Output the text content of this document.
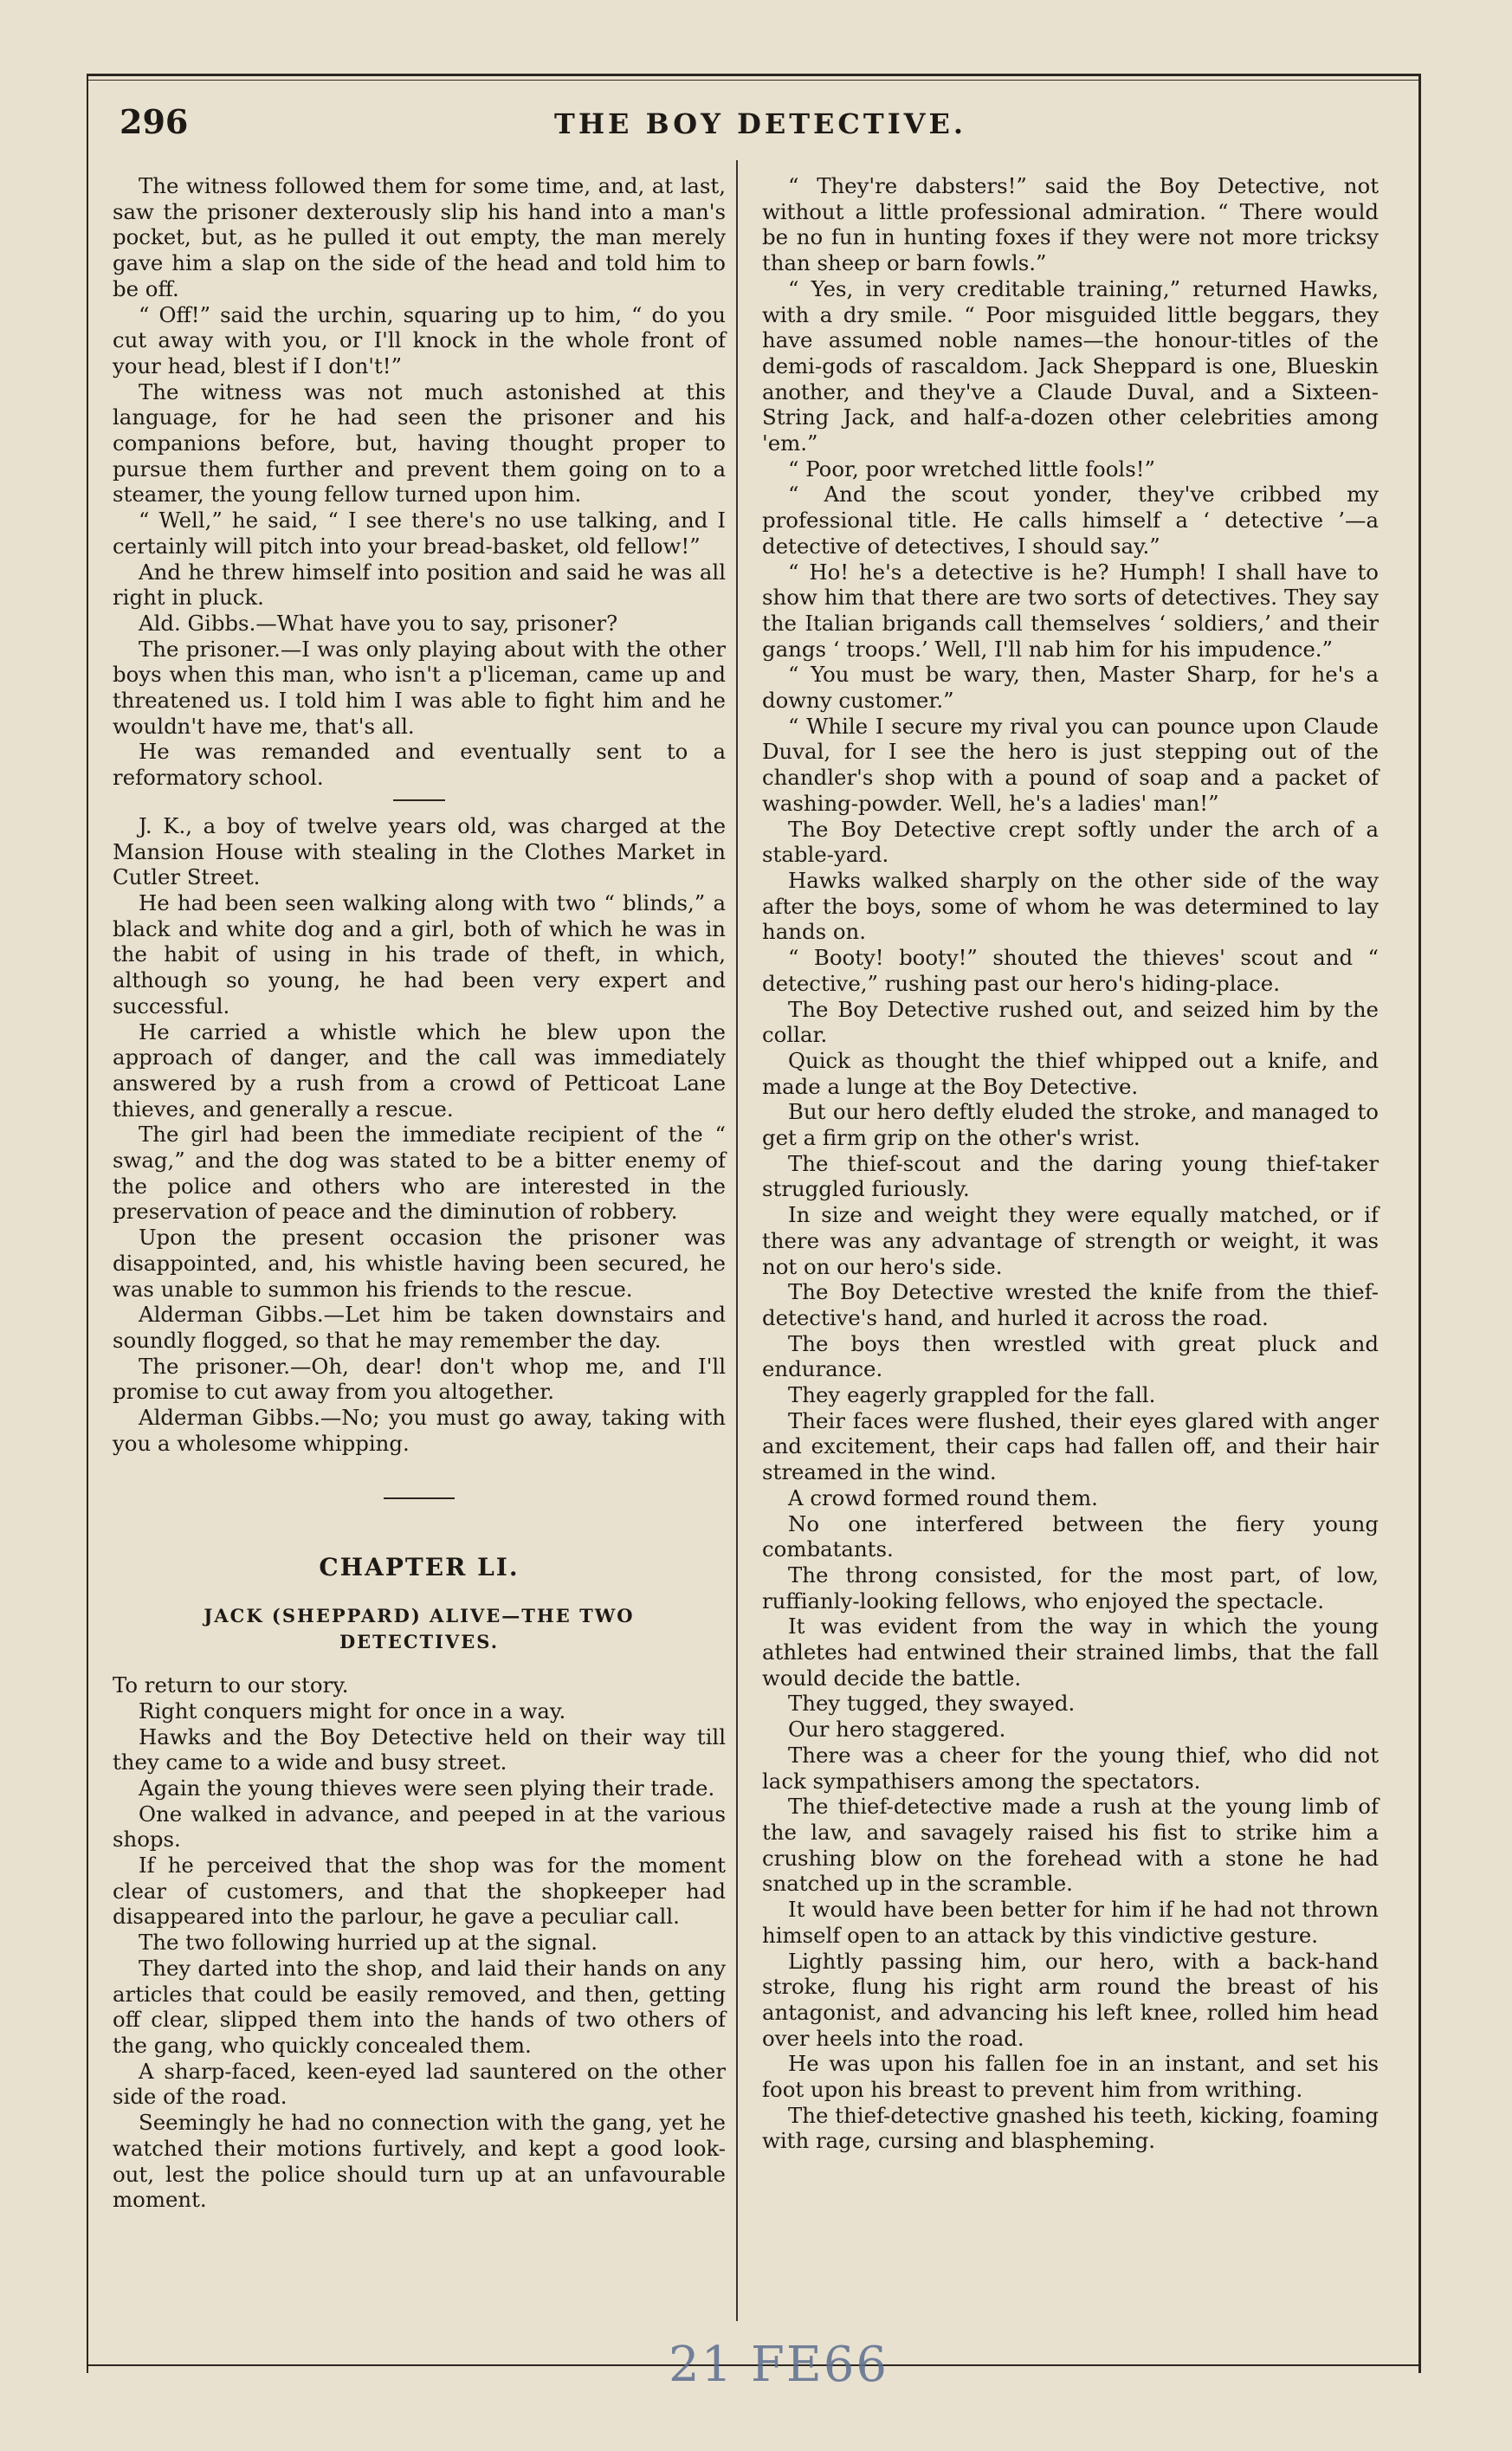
296	THE BOY DETECTIVE.

The witness followed them for some time, and, at last, saw the prisoner dexterously slip his hand into a man's pocket, but, as he pulled it out empty, the man merely gave him a slap on the side of the head and told him to be off.

“ Off!” said the urchin, squaring up to him, “ do you cut away with you, or I'll knock in the whole front of your head, blest if I don't!”

The witness was not much astonished at this language, for he had seen the prisoner and his companions before, but, having thought proper to pursue them further and prevent them going on to a steamer, the young fellow turned upon him.

“ Well,” he said, “ I see there's no use talking, and I certainly will pitch into your bread-basket, old fellow!”

And he threw himself into position and said he was all right in pluck.

Ald. Gibbs.—What have you to say, prisoner?

The prisoner.—I was only playing about with the other boys when this man, who isn't a p'liceman, came up and threatened us. I told him I was able to fight him and he wouldn't have me, that's all.

He was remanded and eventually sent to a reformatory school.

J. K., a boy of twelve years old, was charged at the Mansion House with stealing in the Clothes Market in Cutler Street.

He had been seen walking along with two “ blinds,” a black and white dog and a girl, both of which he was in the habit of using in his trade of theft, in which, although so young, he had been very expert and successful.

He carried a whistle which he blew upon the approach of danger, and the call was immediately answered by a rush from a crowd of Petticoat Lane thieves, and generally a rescue.

The girl had been the immediate recipient of the “ swag,” and the dog was stated to be a bitter enemy of the police and others who are interested in the preservation of peace and the diminution of robbery.

Upon the present occasion the prisoner was disappointed, and, his whistle having been secured, he was unable to summon his friends to the rescue.

Alderman Gibbs.—Let him be taken downstairs and soundly flogged, so that he may remember the day.

The prisoner.—Oh, dear! don't whop me, and I'll promise to cut away from you altogether.

Alderman Gibbs.—No; you must go away, taking with you a wholesome whipping.

CHAPTER LI.
JACK (SHEPPARD) ALIVE—THE TWO DETECTIVES.

To return to our story.

Right conquers might for once in a way.

Hawks and the Boy Detective held on their way till they came to a wide and busy street.

Again the young thieves were seen plying their trade.

One walked in advance, and peeped in at the various shops.

If he perceived that the shop was for the moment clear of customers, and that the shopkeeper had disappeared into the parlour, he gave a peculiar call.

The two following hurried up at the signal.

They darted into the shop, and laid their hands on any articles that could be easily removed, and then, getting off clear, slipped them into the hands of two others of the gang, who quickly concealed them.

A sharp-faced, keen-eyed lad sauntered on the other side of the road.

Seemingly he had no connection with the gang, yet he watched their motions furtively, and kept a good look-out, lest the police should turn up at an unfavourable moment.

“ They're dabsters!” said the Boy Detective, not without a little professional admiration. “ There would be no fun in hunting foxes if they were not more tricksy than sheep or barn fowls.”

“ Yes, in very creditable training,” returned Hawks, with a dry smile. “ Poor misguided little beggars, they have assumed noble names—the honour-titles of the demi-gods of rascaldom. Jack Sheppard is one, Blueskin another, and they've a Claude Duval, and a Sixteen-String Jack, and half-a-dozen other celebrities among 'em.”

“ Poor, poor wretched little fools!”

“ And the scout yonder, they've cribbed my professional title. He calls himself a ‘ detective ’—a detective of detectives, I should say.”

“ Ho! he's a detective is he? Humph! I shall have to show him that there are two sorts of detectives. They say the Italian brigands call themselves ‘ soldiers,’ and their gangs ‘ troops.’ Well, I'll nab him for his impudence.”

“ You must be wary, then, Master Sharp, for he's a downy customer.”

“ While I secure my rival you can pounce upon Claude Duval, for I see the hero is just stepping out of the chandler's shop with a pound of soap and a packet of washing-powder. Well, he's a ladies' man!”

The Boy Detective crept softly under the arch of a stable-yard.

Hawks walked sharply on the other side of the way after the boys, some of whom he was determined to lay hands on.

“ Booty! booty!” shouted the thieves' scout and “ detective,” rushing past our hero's hiding-place.

The Boy Detective rushed out, and seized him by the collar.

Quick as thought the thief whipped out a knife, and made a lunge at the Boy Detective.

But our hero deftly eluded the stroke, and managed to get a firm grip on the other's wrist.

The thief-scout and the daring young thief-taker struggled furiously.

In size and weight they were equally matched, or if there was any advantage of strength or weight, it was not on our hero's side.

The Boy Detective wrested the knife from the thief-detective's hand, and hurled it across the road.

The boys then wrestled with great pluck and endurance.

They eagerly grappled for the fall.

Their faces were flushed, their eyes glared with anger and excitement, their caps had fallen off, and their hair streamed in the wind.

A crowd formed round them.

No one interfered between the fiery young combatants.

The throng consisted, for the most part, of low, ruffianly-looking fellows, who enjoyed the spectacle.

It was evident from the way in which the young athletes had entwined their strained limbs, that the fall would decide the battle.

They tugged, they swayed.

Our hero staggered.

There was a cheer for the young thief, who did not lack sympathisers among the spectators.

The thief-detective made a rush at the young limb of the law, and savagely raised his fist to strike him a crushing blow on the forehead with a stone he had snatched up in the scramble.

It would have been better for him if he had not thrown himself open to an attack by this vindictive gesture.

Lightly passing him, our hero, with a back-hand stroke, flung his right arm round the breast of his antagonist, and advancing his left knee, rolled him head over heels into the road.

He was upon his fallen foe in an instant, and set his foot upon his breast to prevent him from writhing.

The thief-detective gnashed his teeth, kicking, foaming with rage, cursing and blaspheming.

21 FE66
